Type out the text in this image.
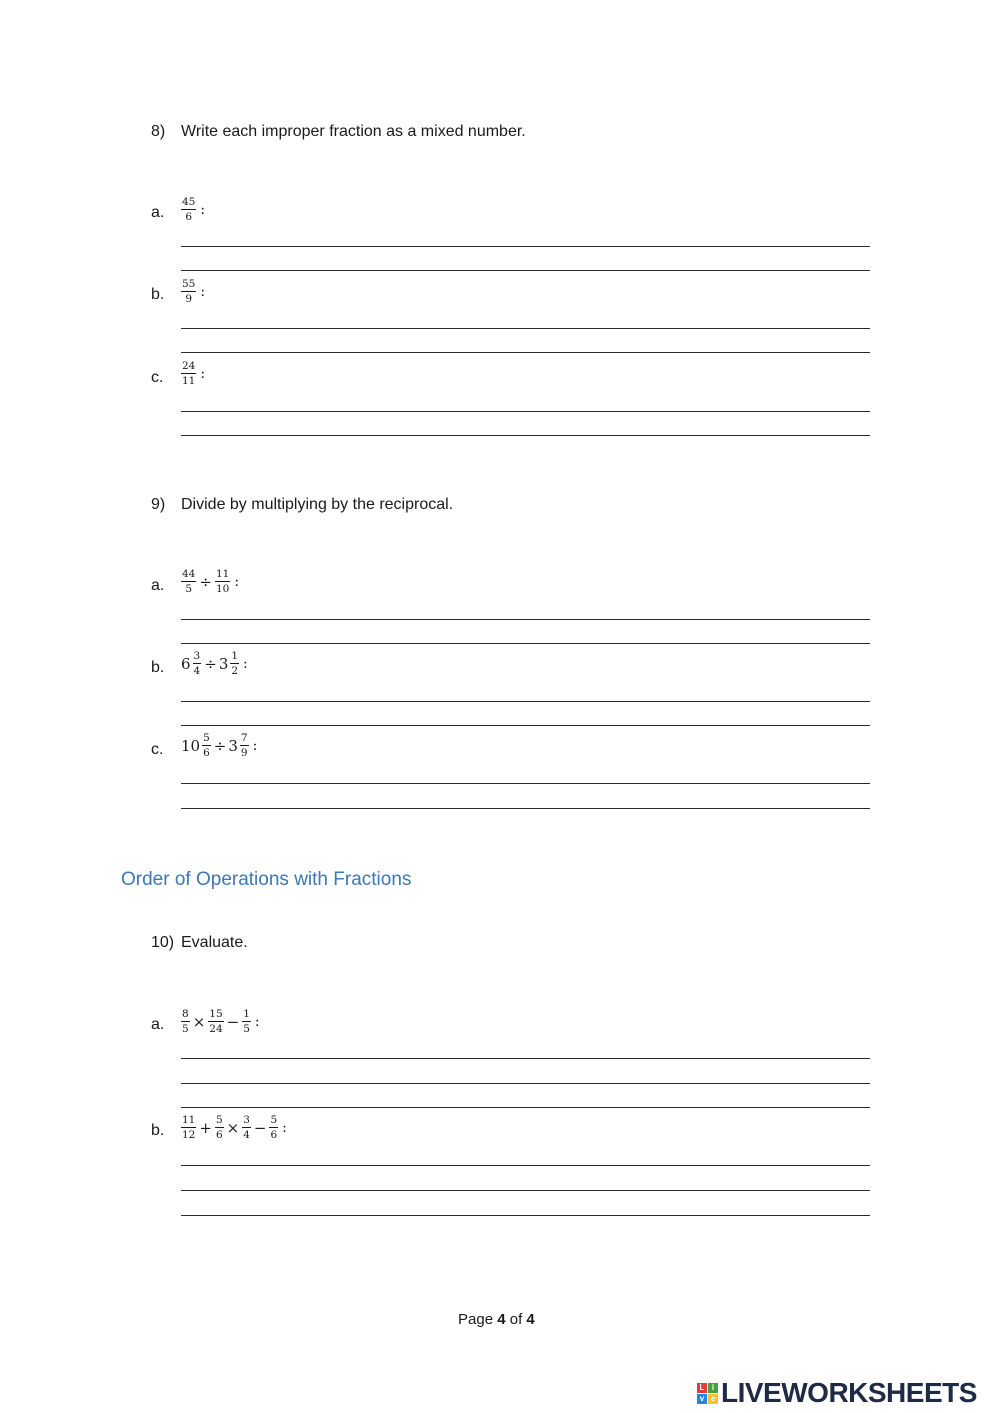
8) Write each improper fraction as a mixed number.
a. $\frac{45}{6}$ :
b. $\frac{55}{9}$ :
c. $\frac{24}{11}$ :
9) Divide by multiplying by the reciprocal.
a. $\frac{44}{5} \div \frac{11}{10}$ :
b. $6 \frac{3}{4} \div 3 \frac{1}{2}$ :
c. $10 \frac{5}{6} \div 3 \frac{7}{9}$ :
Order of Operations with Fractions
10) Evaluate.
a. $\frac{8}{5} \times \frac{15}{24} - \frac{1}{5}$ :
b. $\frac{11}{12} + \frac{5}{6} \times \frac{3}{4} - \frac{5}{6}$ :
Page 4 of 4
L i
v e LIVEWORKSHEETS
